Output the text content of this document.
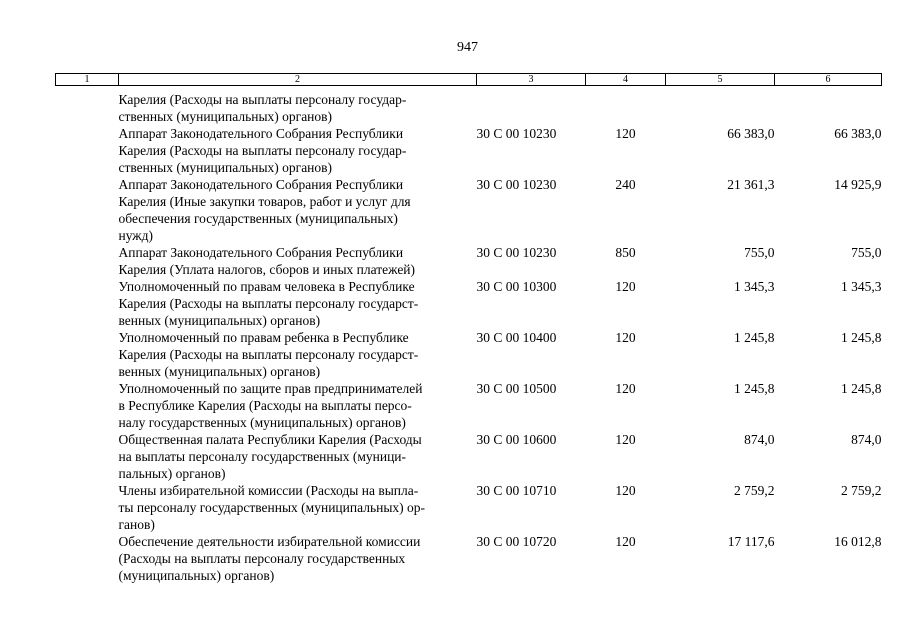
947
1	2	3	4	5	6
	Карелия (Расходы на выплаты персоналу государ-
ственных (муниципальных) органов)				
	Аппарат Законодательного Собрания Республики
Карелия (Расходы на выплаты персоналу государ-
ственных (муниципальных) органов)	30 С 00 10230	120	66 383,0	66 383,0
	Аппарат Законодательного Собрания Республики
Карелия (Иные закупки товаров, работ и услуг для
обеспечения государственных (муниципальных)
нужд)	30 С 00 10230	240	21 361,3	14 925,9
	Аппарат Законодательного Собрания Республики
Карелия (Уплата налогов, сборов и иных платежей)	30 С 00 10230	850	755,0	755,0
	Уполномоченный по правам человека в Республике
Карелия (Расходы на выплаты персоналу государст-
венных (муниципальных) органов)	30 С 00 10300	120	1 345,3	1 345,3
	Уполномоченный по правам ребенка в Республике
Карелия (Расходы на выплаты персоналу государст-
венных (муниципальных) органов)	30 С 00 10400	120	1 245,8	1 245,8
	Уполномоченный по защите прав предпринимателей
в Республике Карелия (Расходы на выплаты персо-
налу государственных (муниципальных) органов)	30 С 00 10500	120	1 245,8	1 245,8
	Общественная палата Республики Карелия (Расходы
на выплаты персоналу государственных (муници-
пальных) органов)	30 С 00 10600	120	874,0	874,0
	Члены избирательной комиссии (Расходы на выпла-
ты персоналу государственных (муниципальных) ор-
ганов)	30 С 00 10710	120	2 759,2	2 759,2
	Обеспечение деятельности избирательной комиссии
(Расходы на выплаты персоналу государственных
(муниципальных) органов)	30 С 00 10720	120	17 117,6	16 012,8
